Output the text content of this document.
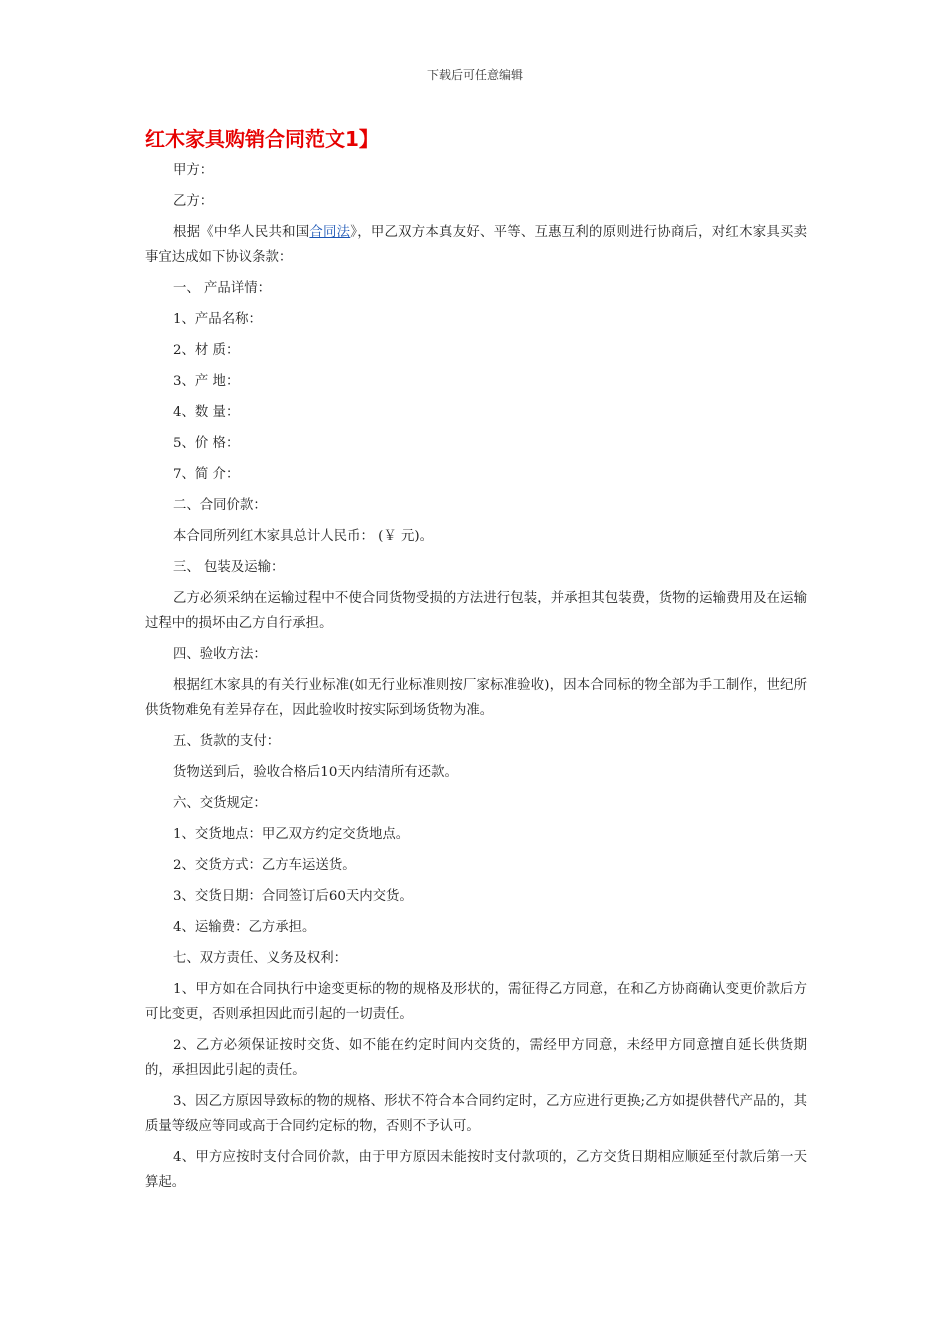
下载后可任意编辑
红木家具购销合同范文1】

甲方：

乙方：

根据《中华人民共和国合同法》，甲乙双方本真友好、平等、互惠互利的原则进行协商后，对红木家具买卖事宜达成如下协议条款：

一、 产品详情：

1、产品名称：

2、材 质：

3、产 地：

4、数 量：

5、价 格：

7、简 介：

二、合同价款：

本合同所列红木家具总计人民币： (￥ 元)。

三、 包装及运输：

乙方必须采纳在运输过程中不使合同货物受损的方法进行包装，并承担其包装费，货物的运输费用及在运输过程中的损坏由乙方自行承担。

四、验收方法：

根据红木家具的有关行业标准(如无行业标准则按厂家标准验收)，因本合同标的物全部为手工制作，世纪所供货物难免有差异存在，因此验收时按实际到场货物为准。

五、货款的支付：

货物送到后，验收合格后10天内结清所有还款。

六、交货规定：

1、交货地点：甲乙双方约定交货地点。

2、交货方式：乙方车运送货。

3、交货日期：合同签订后60天内交货。

4、运输费：乙方承担。

七、双方责任、义务及权利：

1、甲方如在合同执行中途变更标的物的规格及形状的，需征得乙方同意，在和乙方协商确认变更价款后方可比变更，否则承担因此而引起的一切责任。

2、乙方必须保证按时交货、如不能在约定时间内交货的，需经甲方同意，未经甲方同意擅自延长供货期的，承担因此引起的责任。

3、因乙方原因导致标的物的规格、形状不符合本合同约定时，乙方应进行更换;乙方如提供替代产品的，其质量等级应等同或高于合同约定标的物，否则不予认可。

4、甲方应按时支付合同价款，由于甲方原因未能按时支付款项的，乙方交货日期相应顺延至付款后第一天算起。
